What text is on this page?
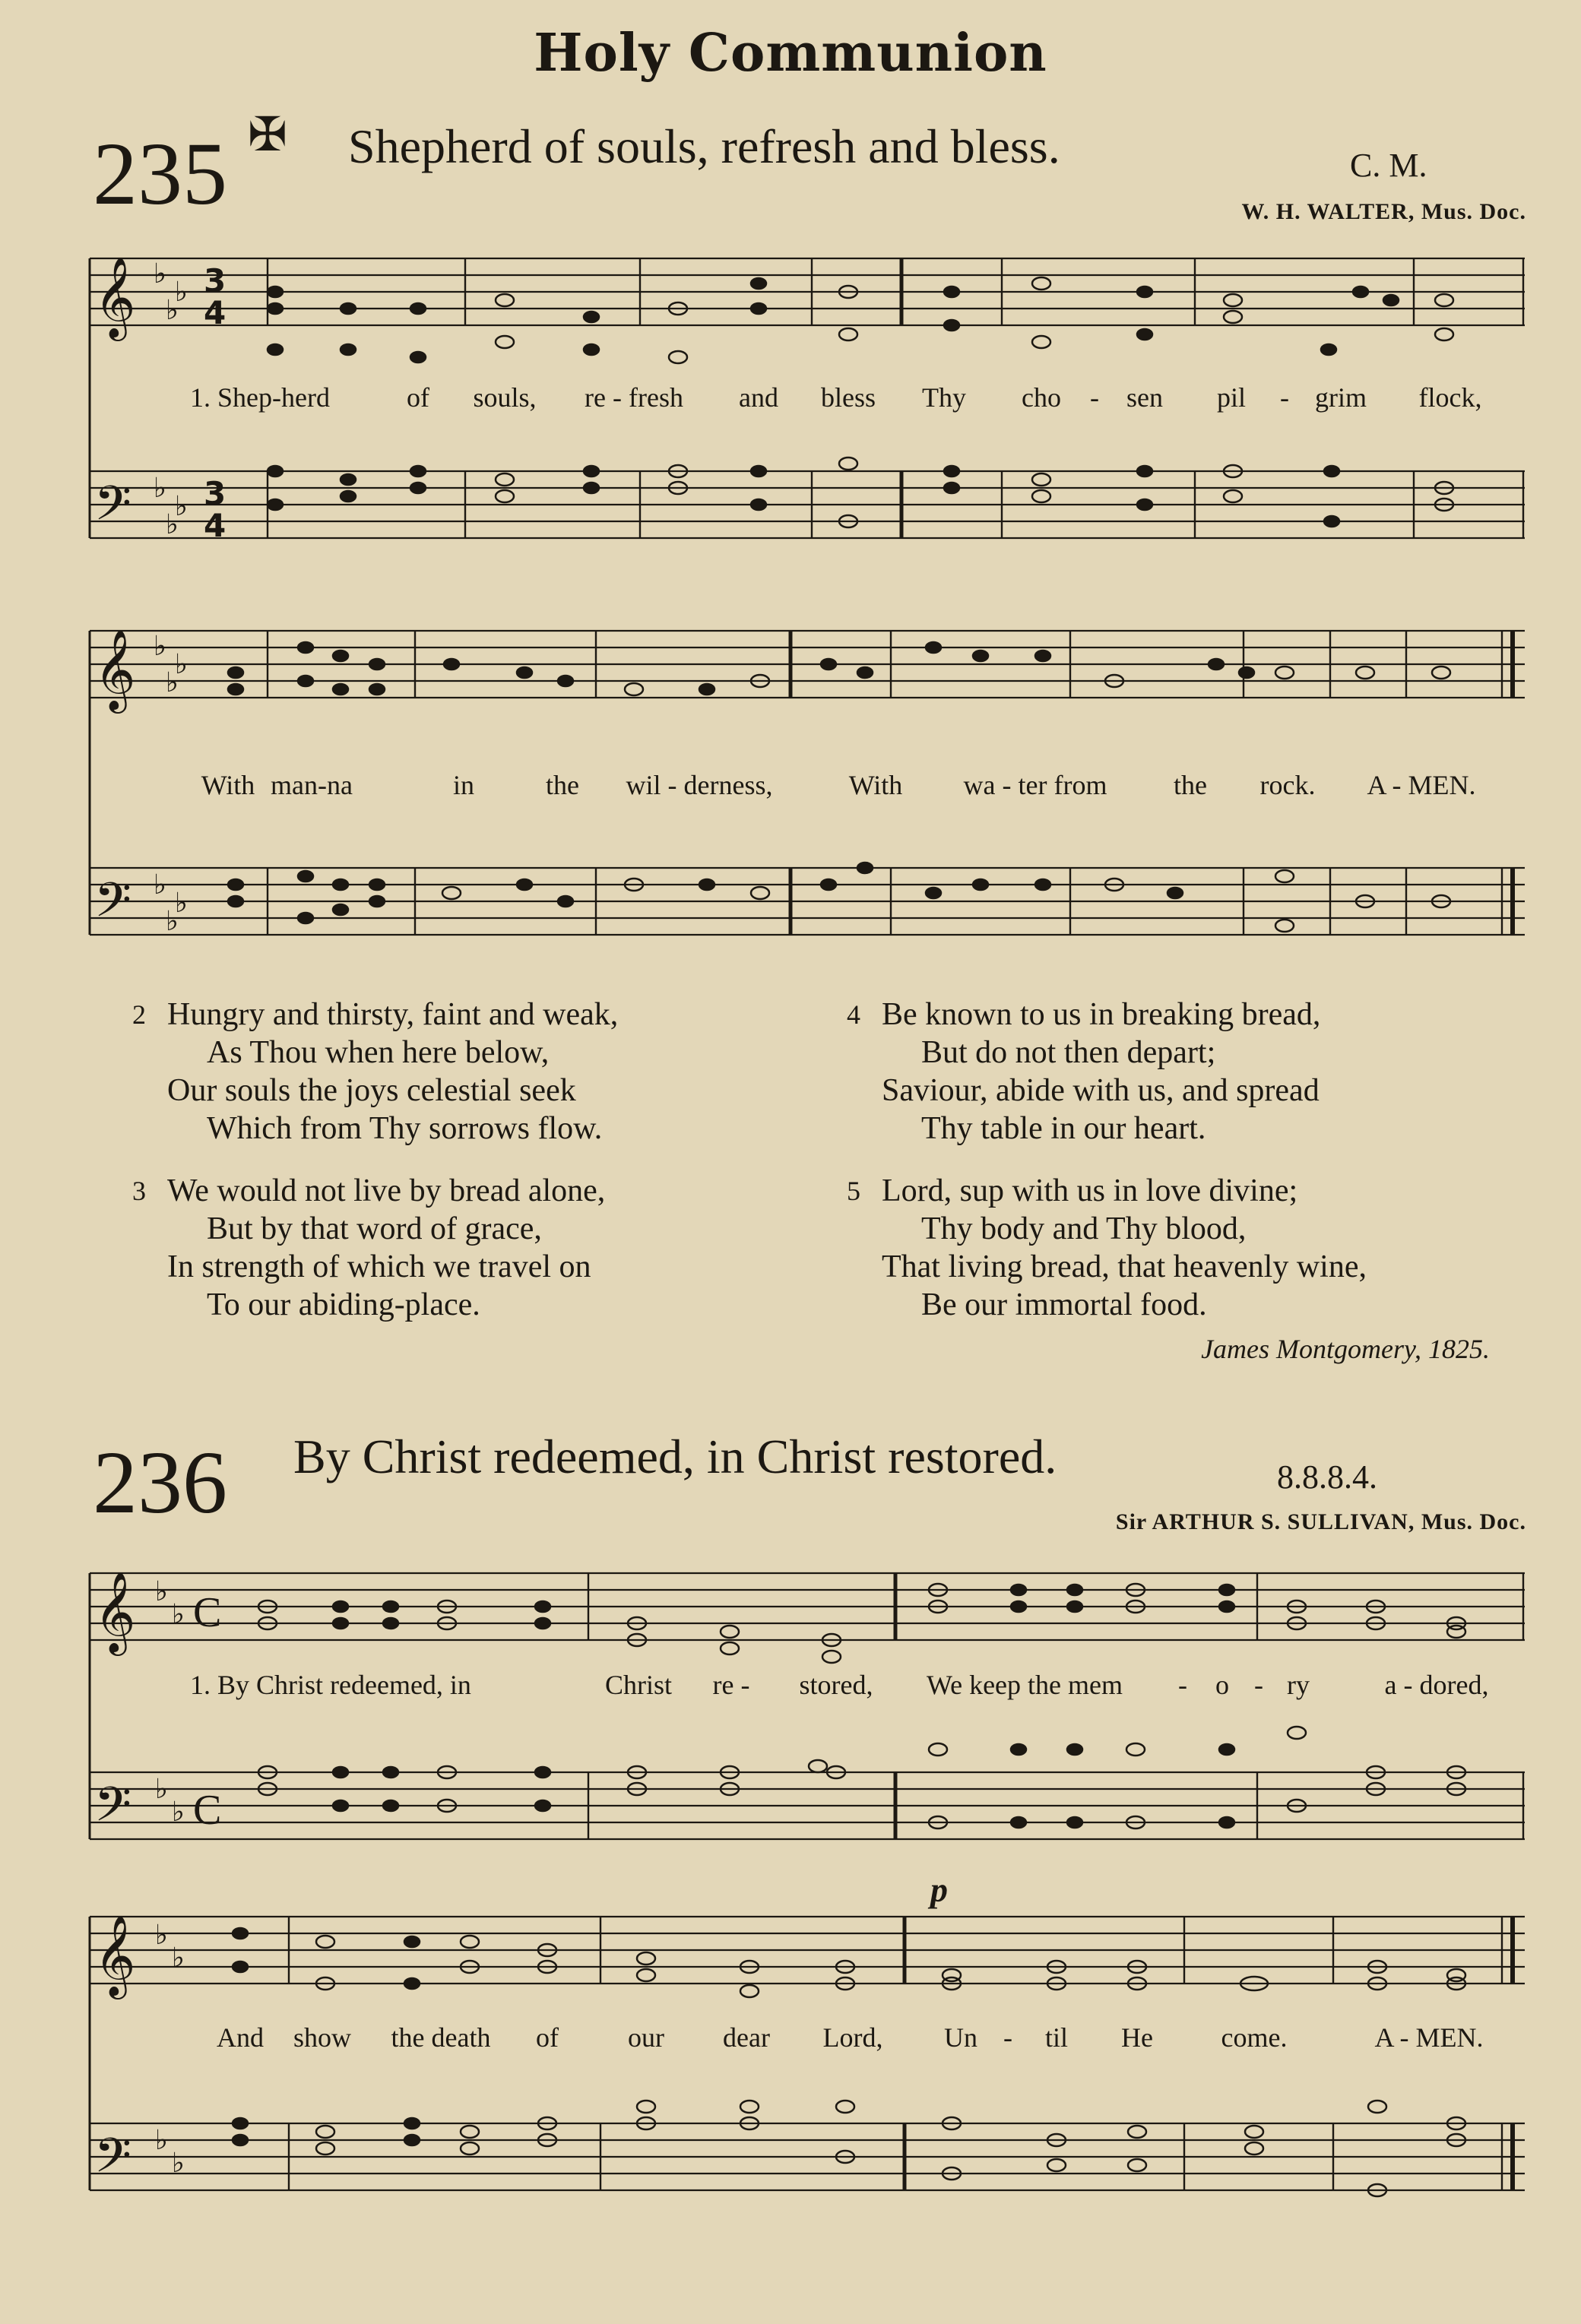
Holy Communion
235 ✠ Shepherd of souls, refresh and bless.	C. M.
W. H. WALTER, Mus. Doc.
𝄞
𝄢
♭
♭
♭
♭
♭
♭
3
4
3
4
1. Shep-herd	of souls, re - fresh and bless Thy cho - sen pil - grim flock,
𝄞
𝄢
♭
♭
♭
♭
♭
♭
With man-na	in	the wil - derness,	With wa - ter from the rock. A - MEN.
2 Hungry and thirsty, faint and weak,
As Thou when here below,
Our souls the joys celestial seek
Which from Thy sorrows flow.
3 We would not live by bread alone,
But by that word of grace,
In strength of which we travel on
To our abiding-place.
4 Be known to us in breaking bread,
But do not then depart;
Saviour, abide with us, and spread
Thy table in our heart.
5 Lord, sup with us in love divine;
Thy body and Thy blood,
That living bread, that heavenly wine,
Be our immortal food.
James Montgomery, 1825.
236 By Christ redeemed, in Christ restored.	8.8.8.4.
Sir ARTHUR S. SULLIVAN, Mus. Doc.
𝄞
𝄢
♭
♭
♭
♭
C
C
1. By Christ redeemed, in	Christ re - stored, We keep the mem - o - ry	a - dored,
𝄞
𝄢
♭
♭
♭
♭
p
And show the death of	our dear Lord, Un - til He come.	A - MEN.
